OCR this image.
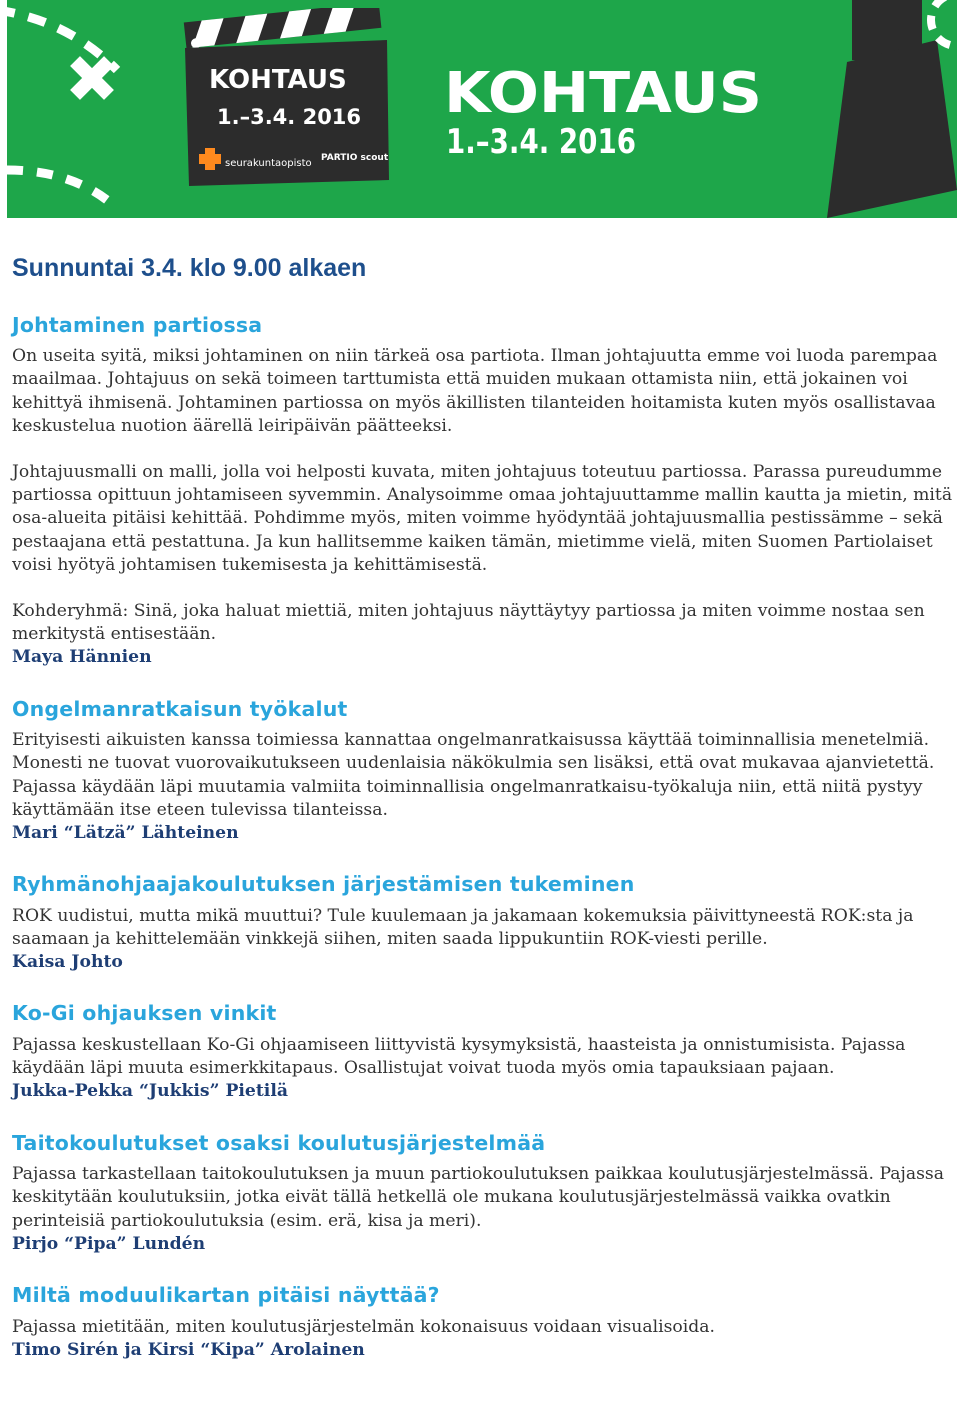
KOHTAUS
1.–3.4. 2016
seurakuntaopisto PARTIO scout
KOHTAUS
1.–3.4. 2016
Sunnuntai 3.4. klo 9.00 alkaen
Johtaminen partiossa

On useita syitä, miksi johtaminen on niin tärkeä osa partiota. Ilman johtajuutta emme voi luoda parempaa maailmaa. Johtajuus on sekä toimeen tarttumista että muiden mukaan ottamista niin, että jokainen voi kehittyä ihmisenä. Johtaminen partiossa on myös äkillisten tilanteiden hoitamista kuten myös osallistavaa keskustelua nuotion äärellä leiripäivän päätteeksi.

Johtajuusmalli on malli, jolla voi helposti kuvata, miten johtajuus toteutuu partiossa. Parassa pureudumme partiossa opittuun johtamiseen syvemmin. Analysoimme omaa johtajuuttamme mallin kautta ja mietin, mitä osa-alueita pitäisi kehittää. Pohdimme myös, miten voimme hyödyntää johtajuusmallia pestissämme – sekä pestaajana että pestattuna. Ja kun hallitsemme kaiken tämän, mietimme vielä, miten Suomen Partiolaiset voisi hyötyä johtamisen tukemisesta ja kehittämisestä.

Kohderyhmä: Sinä, joka haluat miettiä, miten johtajuus näyttäytyy partiossa ja miten voimme nostaa sen merkitystä entisestään.

Maya Hännien

Ongelmanratkaisun työkalut

Erityisesti aikuisten kanssa toimiessa kannattaa ongelmanratkaisussa käyttää toiminnallisia menetelmiä. Monesti ne tuovat vuorovaikutukseen uudenlaisia näkökulmia sen lisäksi, että ovat mukavaa ajanvietettä. Pajassa käydään läpi muutamia valmiita toiminnallisia ongelmanratkaisu-työkaluja niin, että niitä pystyy käyttämään itse eteen tulevissa tilanteissa.

Mari “Lätzä” Lähteinen

Ryhmänohjaajakoulutuksen järjestämisen tukeminen

ROK uudistui, mutta mikä muuttui? Tule kuulemaan ja jakamaan kokemuksia päivittyneestä ROK:sta ja saamaan ja kehittelemään vinkkejä siihen, miten saada lippukuntiin ROK-viesti perille.

Kaisa Johto

Ko-Gi ohjauksen vinkit

Pajassa keskustellaan Ko-Gi ohjaamiseen liittyvistä kysymyksistä, haasteista ja onnistumisista. Pajassa käydään läpi muuta esimerkkitapaus. Osallistujat voivat tuoda myös omia tapauksiaan pajaan.

Jukka-Pekka “Jukkis” Pietilä

Taitokoulutukset osaksi koulutusjärjestelmää

Pajassa tarkastellaan taitokoulutuksen ja muun partiokoulutuksen paikkaa koulutusjärjestelmässä. Pajassa keskitytään koulutuksiin, jotka eivät tällä hetkellä ole mukana koulutusjärjestelmässä vaikka ovatkin perinteisiä partiokoulutuksia (esim. erä, kisa ja meri).

Pirjo “Pipa” Lundén

Miltä moduulikartan pitäisi näyttää?

Pajassa mietitään, miten koulutusjärjestelmän kokonaisuus voidaan visualisoida.

Timo Sirén ja Kirsi “Kipa” Arolainen
